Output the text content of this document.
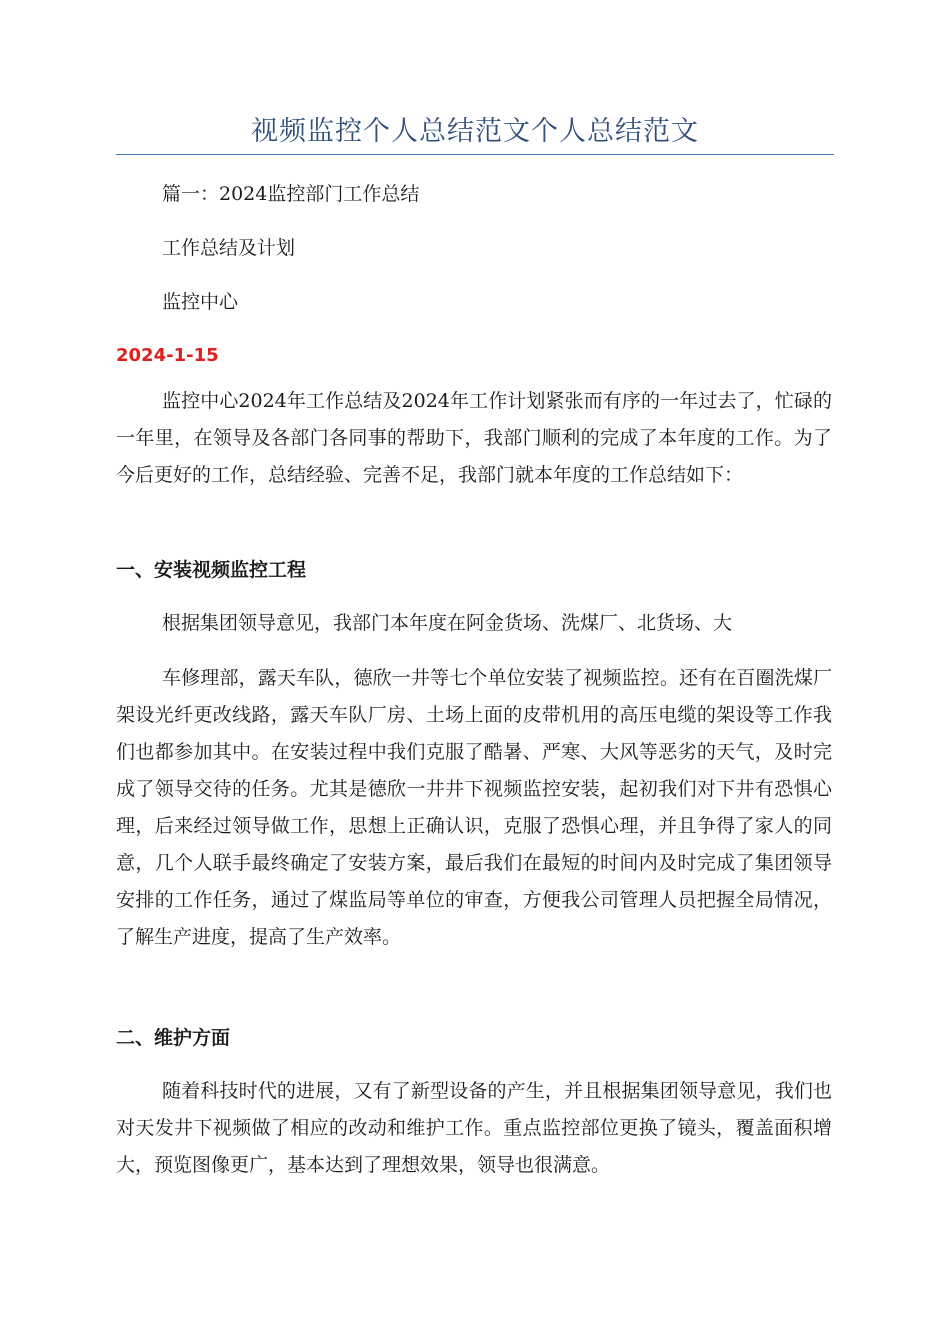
视频监控个人总结范文个人总结范文
篇一：2024监控部门工作总结
工作总结及计划
监控中心
2024-1-15
监控中心2024年工作总结及2024年工作计划紧张而有序的一年过去了，忙碌的一年里，在领导及各部门各同事的帮助下，我部门顺利的完成了本年度的工作。为了今后更好的工作，总结经验、完善不足，我部门就本年度的工作总结如下：
一、安装视频监控工程
根据集团领导意见，我部门本年度在阿金货场、洗煤厂、北货场、大
车修理部，露天车队，德欣一井等七个单位安装了视频监控。还有在百圈洗煤厂架设光纤更改线路，露天车队厂房、土场上面的皮带机用的高压电缆的架设等工作我们也都参加其中。在安装过程中我们克服了酷暑、严寒、大风等恶劣的天气，及时完成了领导交待的任务。尤其是德欣一井井下视频监控安装，起初我们对下井有恐惧心理，后来经过领导做工作，思想上正确认识，克服了恐惧心理，并且争得了家人的同意，几个人联手最终确定了安装方案，最后我们在最短的时间内及时完成了集团领导安排的工作任务，通过了煤监局等单位的审查，方便我公司管理人员把握全局情况，了解生产进度，提高了生产效率。
二、维护方面
随着科技时代的进展，又有了新型设备的产生，并且根据集团领导意见，我们也对天发井下视频做了相应的改动和维护工作。重点监控部位更换了镜头，覆盖面积增大，预览图像更广，基本达到了理想效果，领导也很满意。
